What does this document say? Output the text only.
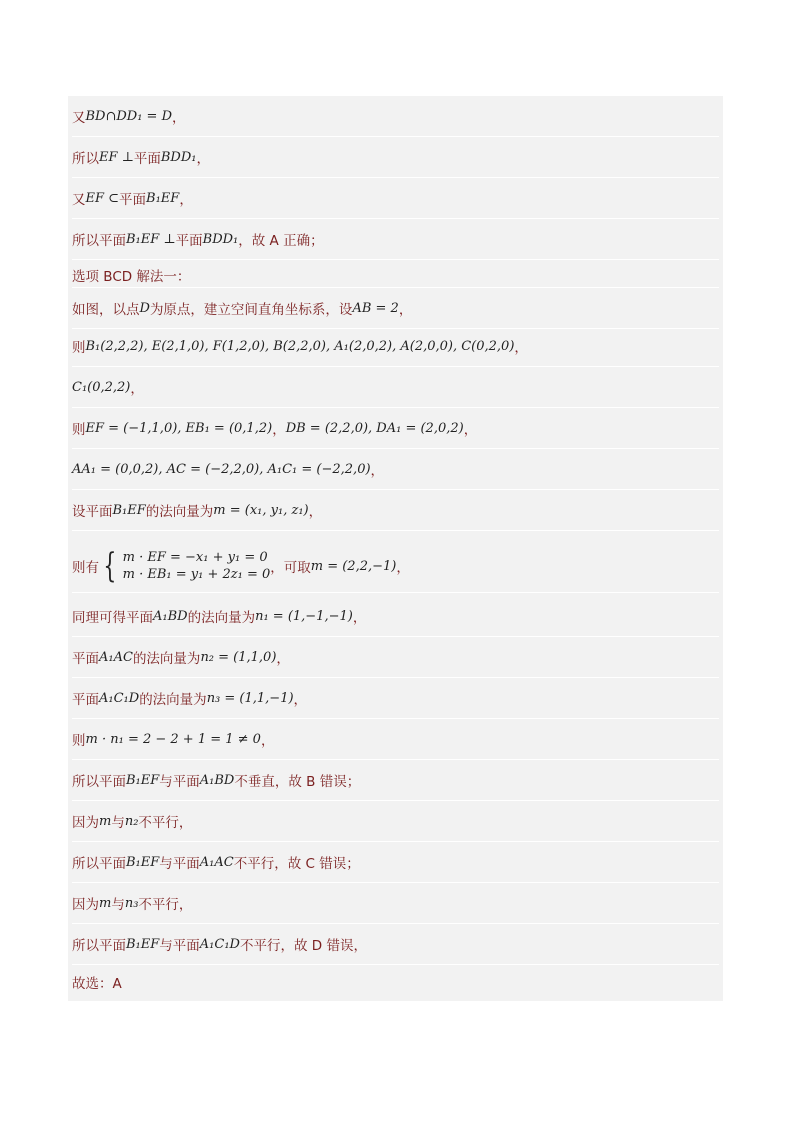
又 BD∩DD₁ = D ，
所以 EF ⊥ 平面 BDD₁ ，
又 EF ⊂ 平面 B₁EF ，
所以平面 B₁EF ⊥ 平面 BDD₁ ，故 A 正确；
选项 BCD 解法一：
如图，以点 D 为原点，建立空间直角坐标系，设 AB = 2 ，
则 B₁(2,2,2), E(2,1,0), F(1,2,0), B(2,2,0), A₁(2,0,2), A(2,0,0), C(0,2,0) ，
C₁(0,2,2) ，
则 EF = (−1,1,0), EB₁ = (0,1,2) ， DB = (2,2,0), DA₁ = (2,0,2) ，
AA₁ = (0,0,2), AC = (−2,2,0), A₁C₁ = (−2,2,0) ，
设平面 B₁EF 的法向量为 m = (x₁, y₁, z₁) ，
则有 { m · EF = −x₁ + y₁ = 0
m · EB₁ = y₁ + 2z₁ = 0 ，可取 m = (2,2,−1) ，
同理可得平面 A₁BD 的法向量为 n₁ = (1,−1,−1) ，
平面 A₁AC 的法向量为 n₂ = (1,1,0) ，
平面 A₁C₁D 的法向量为 n₃ = (1,1,−1) ，
则 m · n₁ = 2 − 2 + 1 = 1 ≠ 0 ，
所以平面 B₁EF 与平面 A₁BD 不垂直，故 B 错误；
因为 m 与 n₂ 不平行，
所以平面 B₁EF 与平面 A₁AC 不平行，故 C 错误；
因为 m 与 n₃ 不平行，
所以平面 B₁EF 与平面 A₁C₁D 不平行，故 D 错误，
故选：A
